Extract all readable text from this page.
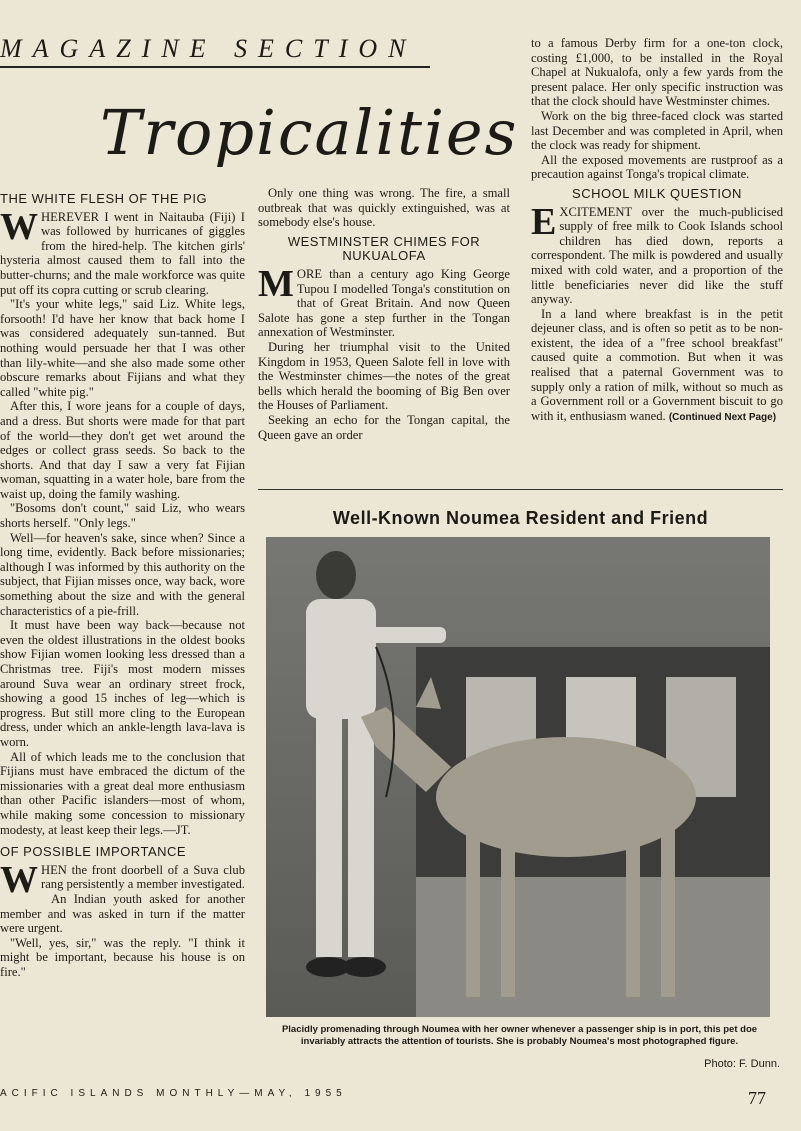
MAGAZINE SECTION
Tropicalities
THE WHITE FLESH OF THE PIG

WHEREVER I went in Naitauba (Fiji) I was followed by hurricanes of giggles from the hired-help. The kitchen girls' hysteria almost caused them to fall into the butter-churns; and the male workforce was quite put off its copra cutting or scrub clearing.

"It's your white legs," said Liz. White legs, forsooth! I'd have her know that back home I was considered adequately sun-tanned. But nothing would persuade her that I was other than lily-white—and she also made some other obscure remarks about Fijians and what they called "white pig."

After this, I wore jeans for a couple of days, and a dress. But shorts were made for that part of the world—they don't get wet around the edges or collect grass seeds. So back to the shorts. And that day I saw a very fat Fijian woman, squatting in a water hole, bare from the waist up, doing the family washing.

"Bosoms don't count," said Liz, who wears shorts herself. "Only legs."

Well—for heaven's sake, since when? Since a long time, evidently. Back before missionaries; although I was informed by this authority on the subject, that Fijian misses once, way back, wore something about the size and with the general characteristics of a pie-frill.

It must have been way back—because not even the oldest illustrations in the oldest books show Fijian women looking less dressed than a Christmas tree. Fiji's most modern misses around Suva wear an ordinary street frock, showing a good 15 inches of leg—which is progress. But still more cling to the European dress, under which an ankle-length lava-lava is worn.

All of which leads me to the conclusion that Fijians must have embraced the dictum of the missionaries with a great deal more enthusiasm than other Pacific islanders—most of whom, while making some concession to missionary modesty, at least keep their legs.—JT.

OF POSSIBLE IMPORTANCE

WHEN the front doorbell of a Suva club rang persistently a member investigated.

An Indian youth asked for another member and was asked in turn if the matter were urgent.

"Well, yes, sir," was the reply. "I think it might be important, because his house is on fire."

Only one thing was wrong. The fire, a small outbreak that was quickly extinguished, was at somebody else's house.

WESTMINSTER CHIMES FOR NUKUALOFA

MORE than a century ago King George Tupou I modelled Tonga's constitution on that of Great Britain. And now Queen Salote has gone a step further in the Tongan annexation of Westminster.

During her triumphal visit to the United Kingdom in 1953, Queen Salote fell in love with the Westminster chimes—the notes of the great bells which herald the booming of Big Ben over the Houses of Parliament.

Seeking an echo for the Tongan capital, the Queen gave an order

to a famous Derby firm for a one-ton clock, costing £1,000, to be installed in the Royal Chapel at Nukualofa, only a few yards from the present palace. Her only specific instruction was that the clock should have Westminster chimes.

Work on the big three-faced clock was started last December and was completed in April, when the clock was ready for shipment.

All the exposed movements are rustproof as a precaution against Tonga's tropical climate.

SCHOOL MILK QUESTION

EXCITEMENT over the much-publicised supply of free milk to Cook Islands school children has died down, reports a correspondent. The milk is powdered and usually mixed with cold water, and a proportion of the little beneficiaries never did like the stuff anyway.

In a land where breakfast is in the petit dejeuner class, and is often so petit as to be non-existent, the idea of a "free school breakfast" caused quite a commotion. But when it was realised that a paternal Government was to supply only a ration of milk, without so much as a Government roll or a Government biscuit to go with it, enthusiasm waned. (Continued Next Page)

Well-Known Noumea Resident and Friend
Placidly promenading through Noumea with her owner whenever a passenger ship is in port, this pet doe invariably attracts the attention of tourists. She is probably Noumea's most photographed figure.
Photo: F. Dunn.
ACIFIC ISLANDS MONTHLY—MAY, 1955	77
